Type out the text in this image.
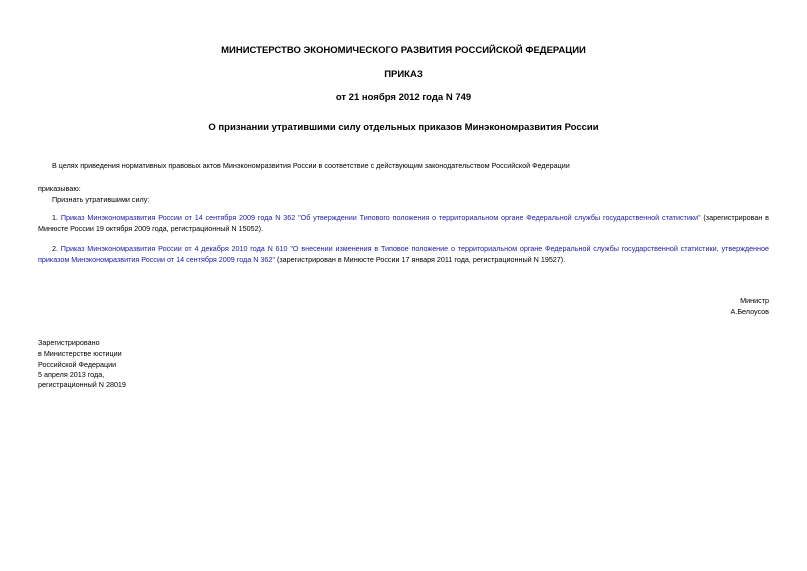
МИНИСТЕРСТВО ЭКОНОМИЧЕСКОГО РАЗВИТИЯ РОССИЙСКОЙ ФЕДЕРАЦИИ
ПРИКАЗ
от 21 ноября 2012 года N 749
О признании утратившими силу отдельных приказов Минэкономразвития России
В целях приведения нормативных правовых актов Минэкономразвития России в соответствие с действующим законодательством Российской Федерации
приказываю:
Признать утратившими силу:
1. Приказ Минэкономразвития России от 14 сентября 2009 года N 362 "Об утверждении Типового положения о территориальном органе Федеральной службы государственной статистики" (зарегистрирован в Минюсте России 19 октября 2009 года, регистрационный N 15052).
2. Приказ Минэкономразвития России от 4 декабря 2010 года N 610 "О внесении изменения в Типовое положение о территориальном органе Федеральной службы государственной статистики, утвержденное приказом Минэкономразвития России от 14 сентября 2009 года N 362" (зарегистрирован в Минюсте России 17 января 2011 года, регистрационный N 19527).
Министр
А.Белоусов
Зарегистрировано
в Министерстве юстиции
Российской Федерации
5 апреля 2013 года,
регистрационный N 28019
